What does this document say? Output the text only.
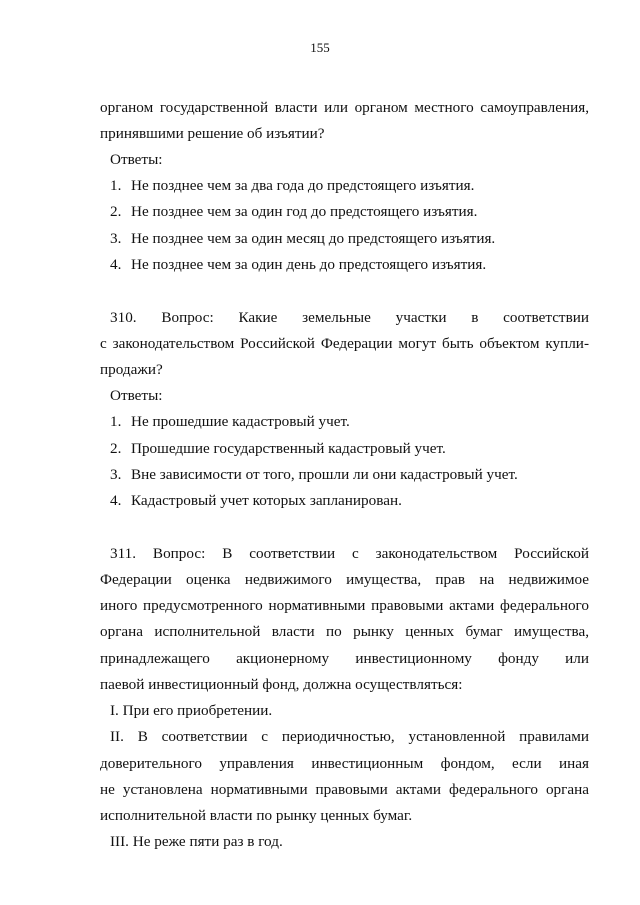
155
органом государственной власти или органом местного самоуправления,
принявшими решение об изъятии?
Ответы:
1. Не позднее чем за два года до предстоящего изъятия.
2. Не позднее чем за один год до предстоящего изъятия.
3. Не позднее чем за один месяц до предстоящего изъятия.
4. Не позднее чем за один день до предстоящего изъятия.
310. Вопрос: Какие земельные участки в соответствии
с законодательством Российской Федерации могут быть объектом купли-
продажи?
Ответы:
1. Не прошедшие кадастровый учет.
2. Прошедшие государственный кадастровый учет.
3. Вне зависимости от того, прошли ли они кадастровый учет.
4. Кадастровый учет которых запланирован.
311. Вопрос: В соответствии с законодательством Российской
Федерации оценка недвижимого имущества, прав на недвижимое
иного предусмотренного нормативными правовыми актами федерального
органа исполнительной власти по рынку ценных бумаг имущества,
принадлежащего акционерному инвестиционному фонду или
паевой инвестиционный фонд, должна осуществляться:
I. При его приобретении.
II. В соответствии с периодичностью, установленной правилами
доверительного управления инвестиционным фондом, если иная
не установлена нормативными правовыми актами федерального органа
исполнительной власти по рынку ценных бумаг.
III. Не реже пяти раз в год.
